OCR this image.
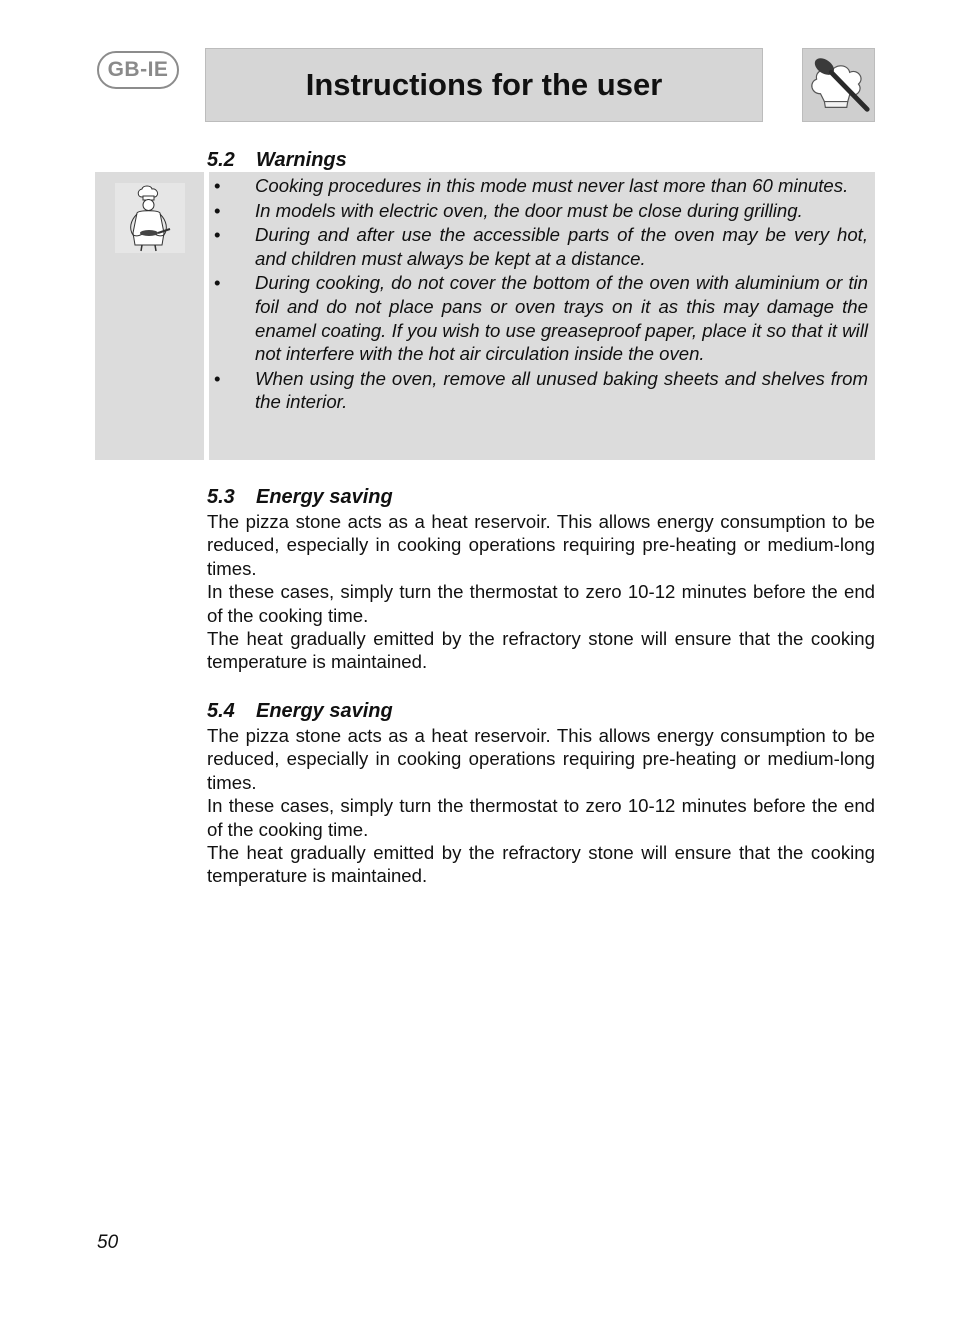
GB-IE	Instructions for the user
5.2 Warnings
•	Cooking procedures in this mode must never last more than 60 minutes.
•	In models with electric oven, the door must be close during grilling.
•	During and after use the accessible parts of the oven may be very hot, and children must always be kept at a distance.
•	During cooking, do not cover the bottom of the oven with aluminium or tin foil and do not place pans or oven trays on it as this may damage the enamel coating. If you wish to use greaseproof paper, place it so that it will not interfere with the hot air circulation inside the oven.
•	When using the oven, remove all unused baking sheets and shelves from the interior.
5.3 Energy saving

The pizza stone acts as a heat reservoir. This allows energy consumption to be reduced, especially in cooking operations requiring pre-heating or medium-long times.

In these cases, simply turn the thermostat to zero 10-12 minutes before the end of the cooking time.

The heat gradually emitted by the refractory stone will ensure that the cooking temperature is maintained.

5.4 Energy saving

The pizza stone acts as a heat reservoir. This allows energy consumption to be reduced, especially in cooking operations requiring pre-heating or medium-long times.

In these cases, simply turn the thermostat to zero 10-12 minutes before the end of the cooking time.

The heat gradually emitted by the refractory stone will ensure that the cooking temperature is maintained.

50
